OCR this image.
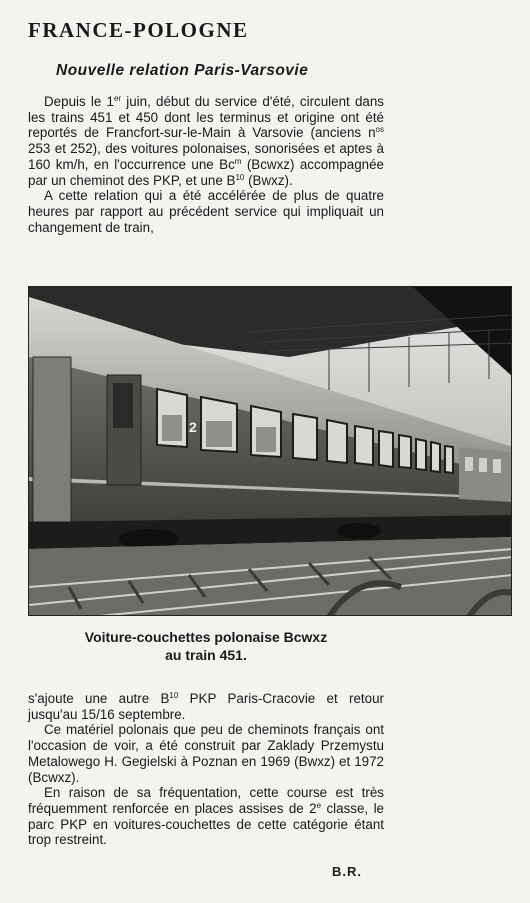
FRANCE-POLOGNE
Nouvelle relation Paris-Varsovie

Depuis le 1er juin, début du service d'été, circulent dans les trains 451 et 450 dont les terminus et origine ont été reportés de Francfort-sur-le-Main à Varsovie (anciens $n^{os}$ 253 et 252), des voitures polonaises, sonorisées et aptes à 160 km/h, en l'occurrence une Bc$^m$ (Bcwxz) accompagnée par un cheminot des PKP, et une $B^{10}$ (Bwxz).

A cette relation qui a été accélérée de plus de quatre heures par rapport au précédent service qui impliquait un changement de train,

2

Voiture-couchettes polonaise Bcwxz
au train 451.

s'ajoute une autre $B^{10}$ PKP Paris-Cracovie et retour jusqu'au 15/16 septembre.

Ce matériel polonais que peu de cheminots français ont l'occasion de voir, a été construit par Zaklady Przemystu Metalowego H. Gegielski à Poznan en 1969 (Bwxz) et 1972 (Bcwxz).

En raison de sa fréquentation, cette course est très fréquemment renforcée en places assises de 2e classe, le parc PKP en voitures-couchettes de cette catégorie étant trop restreint.

B.R.
